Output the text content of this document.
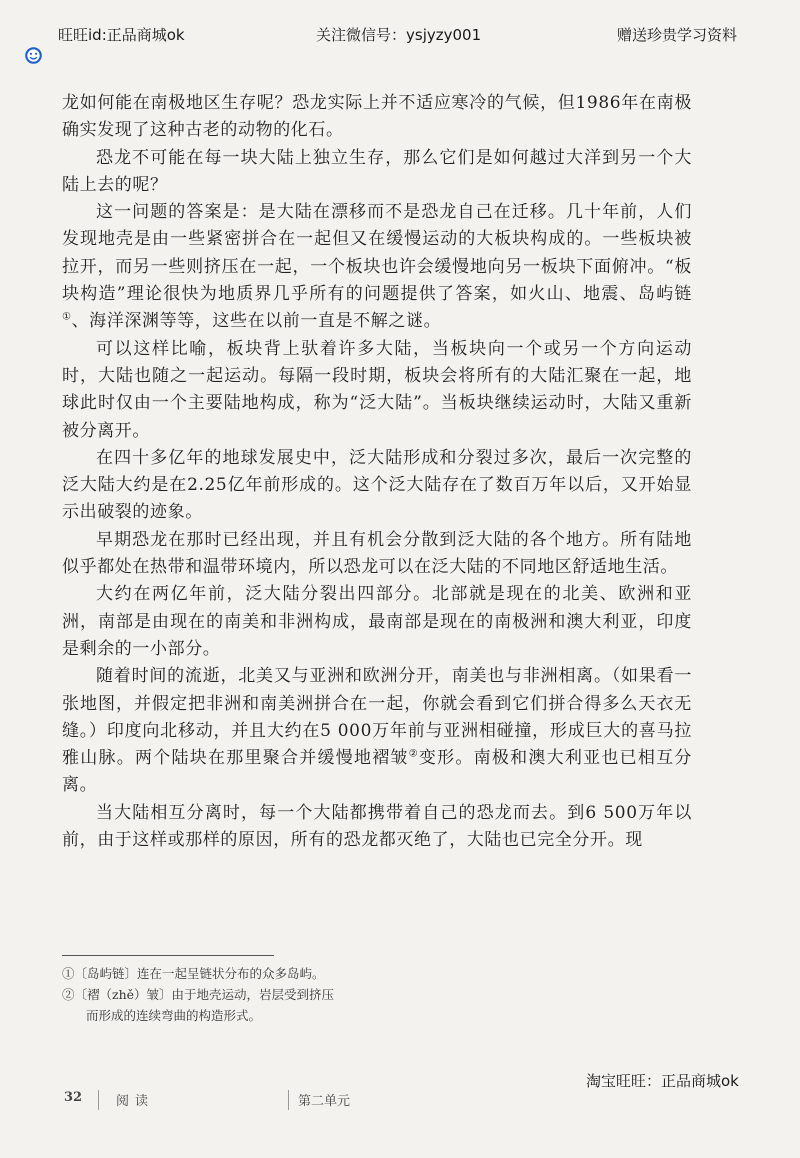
旺旺id:正品商城ok	关注微信号：ysjyzy001	赠送珍贵学习资料

龙如何能在南极地区生存呢？恐龙实际上并不适应寒冷的气候，但1986年在南极确实发现了这种古老的动物的化石。

恐龙不可能在每一块大陆上独立生存，那么它们是如何越过大洋到另一个大陆上去的呢？

这一问题的答案是：是大陆在漂移而不是恐龙自己在迁移。几十年前，人们发现地壳是由一些紧密拼合在一起但又在缓慢运动的大板块构成的。一些板块被拉开，而另一些则挤压在一起，一个板块也许会缓慢地向另一板块下面俯冲。“板块构造”理论很快为地质界几乎所有的问题提供了答案，如火山、地震、岛屿链①、海洋深渊等等，这些在以前一直是不解之谜。

可以这样比喻，板块背上驮着许多大陆，当板块向一个或另一个方向运动时，大陆也随之一起运动。每隔一段时期，板块会将所有的大陆汇聚在一起，地球此时仅由一个主要陆地构成，称为“泛大陆”。当板块继续运动时，大陆又重新被分离开。

在四十多亿年的地球发展史中，泛大陆形成和分裂过多次，最后一次完整的泛大陆大约是在2.25亿年前形成的。这个泛大陆存在了数百万年以后，又开始显示出破裂的迹象。

早期恐龙在那时已经出现，并且有机会分散到泛大陆的各个地方。所有陆地似乎都处在热带和温带环境内，所以恐龙可以在泛大陆的不同地区舒适地生活。

大约在两亿年前，泛大陆分裂出四部分。北部就是现在的北美、欧洲和亚洲，南部是由现在的南美和非洲构成，最南部是现在的南极洲和澳大利亚，印度是剩余的一小部分。

随着时间的流逝，北美又与亚洲和欧洲分开，南美也与非洲相离。（如果看一张地图，并假定把非洲和南美洲拼合在一起，你就会看到它们拼合得多么天衣无缝。）印度向北移动，并且大约在5 000万年前与亚洲相碰撞，形成巨大的喜马拉雅山脉。两个陆块在那里聚合并缓慢地褶皱②变形。南极和澳大利亚也已相互分离。

当大陆相互分离时，每一个大陆都携带着自己的恐龙而去。到6 500万年以前，由于这样或那样的原因，所有的恐龙都灭绝了，大陆也已完全分开。现

①〔岛屿链〕连在一起呈链状分布的众多岛屿。
②〔褶（zhě）皱〕由于地壳运动，岩层受到挤压
而形成的连续弯曲的构造形式。
淘宝旺旺：正品商城ok
32	阅读	第二单元
